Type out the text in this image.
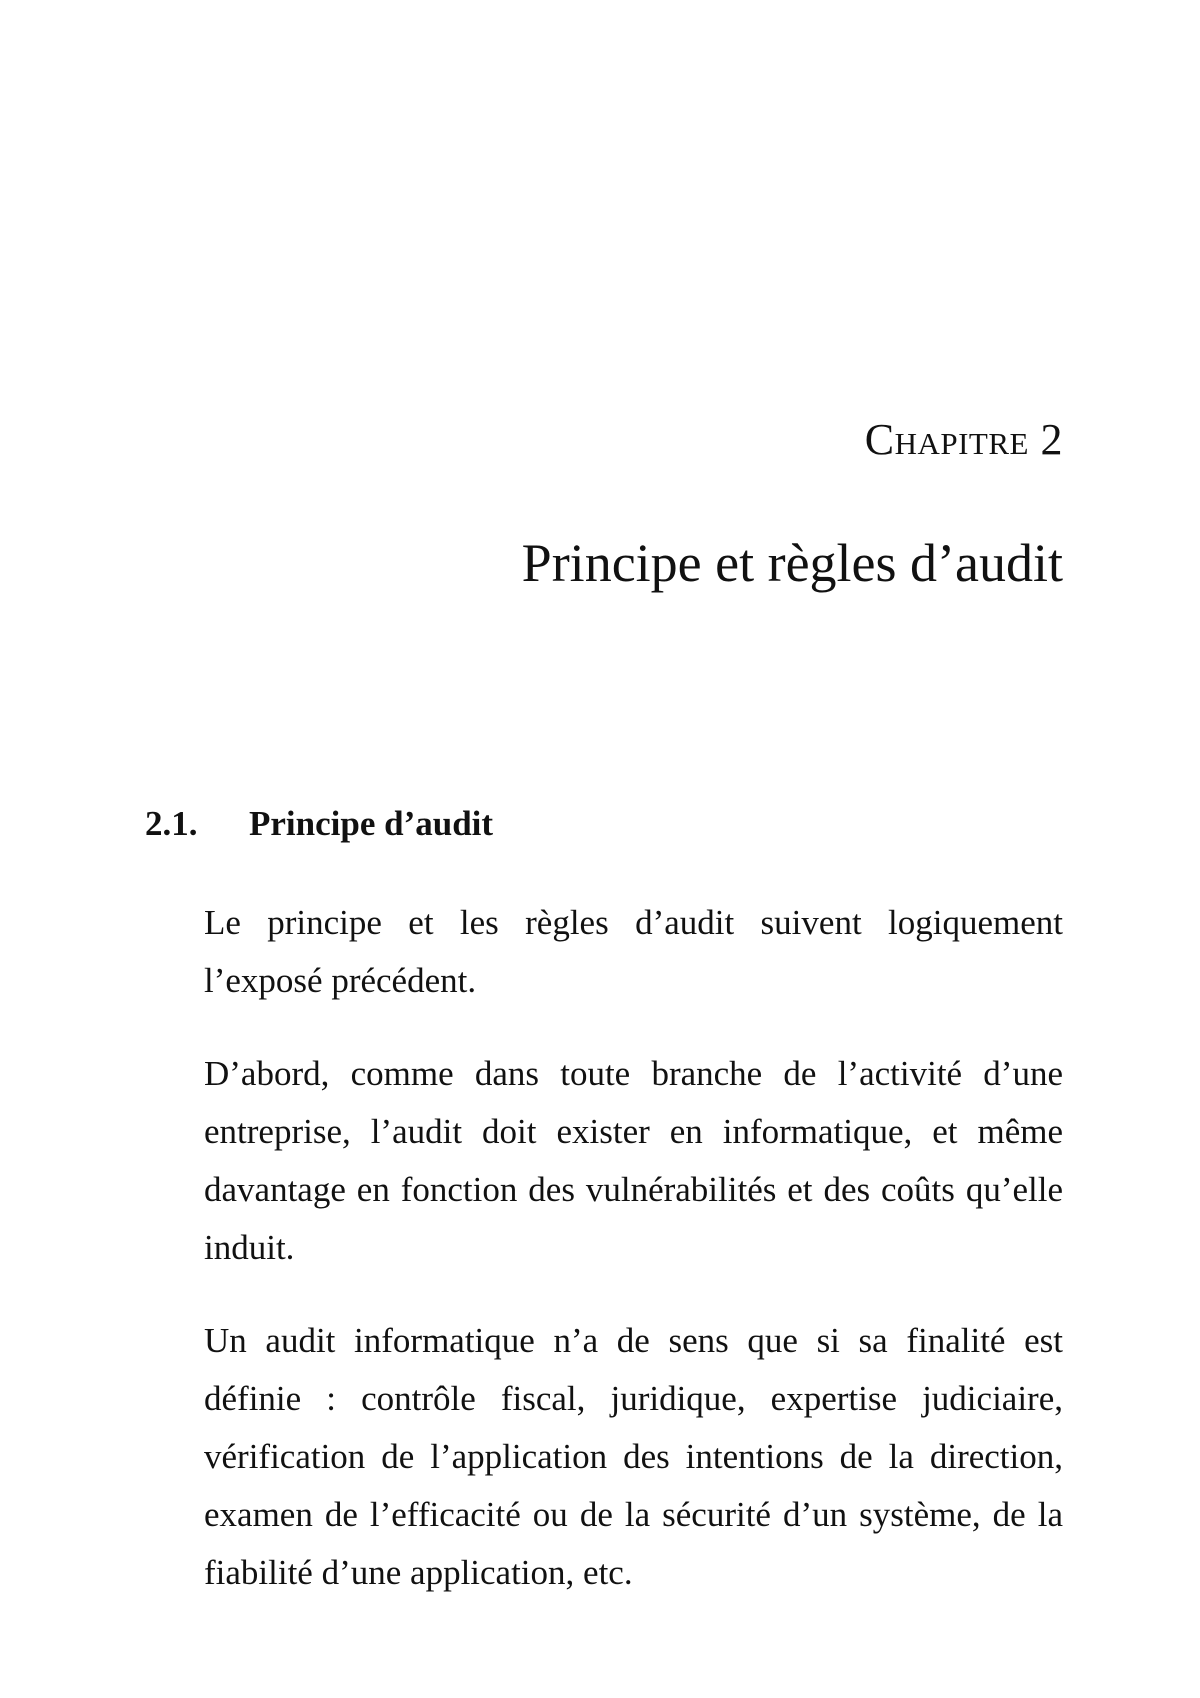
Chapitre 2
Principe et règles d’audit
2.1. Principe d’audit

Le principe et les règles d’audit suivent logiquement l’exposé précédent.

D’abord, comme dans toute branche de l’activité d’une entreprise, l’audit doit exister en informatique, et même davantage en fonction des vulnérabilités et des coûts qu’elle induit.

Un audit informatique n’a de sens que si sa finalité est définie : contrôle fiscal, juridique, expertise judiciaire, vérification de l’application des intentions de la direction, examen de l’efficacité ou de la sécurité d’un système, de la fiabilité d’une application, etc.
